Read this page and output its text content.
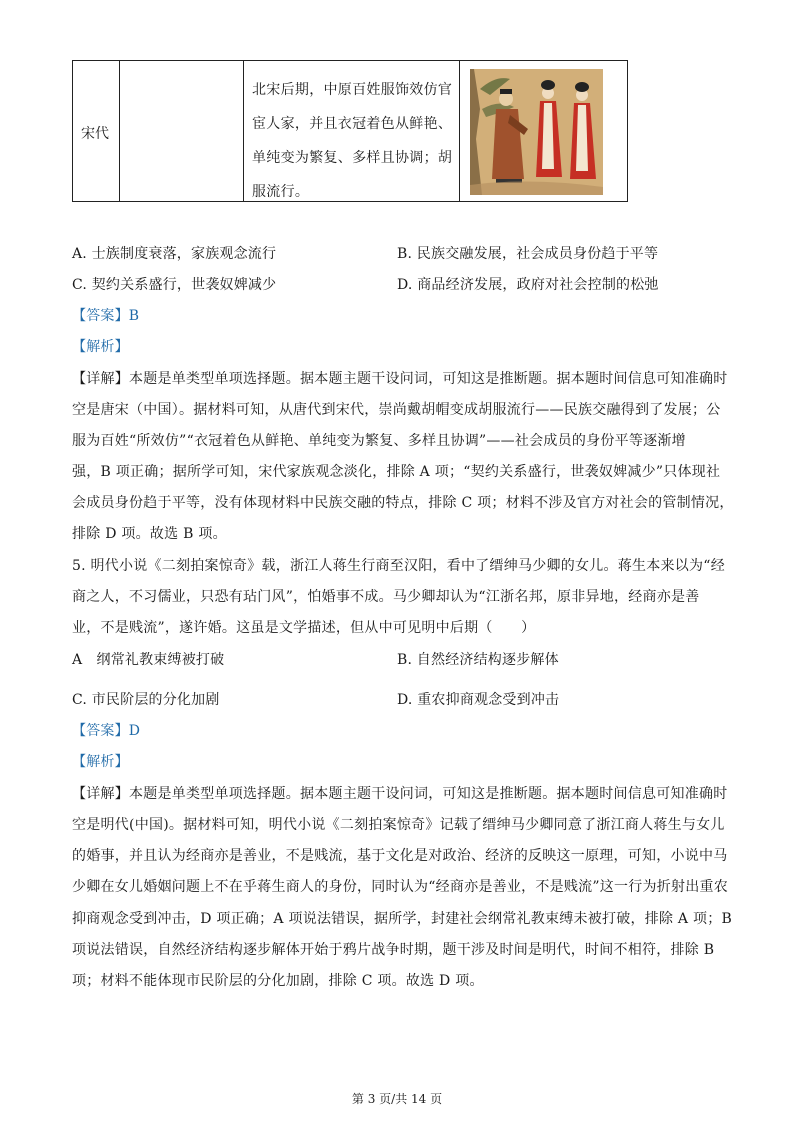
宋代
北宋后期，中原百姓服饰效仿官
宦人家，并且衣冠着色从鲜艳、
单纯变为繁复、多样且协调；胡
服流行。
A. 士族制度衰落，家族观念流行	B. 民族交融发展，社会成员身份趋于平等
C. 契约关系盛行，世袭奴婢减少	D. 商品经济发展，政府对社会控制的松弛
【答案】B
【解析】
【详解】本题是单类型单项选择题。据本题主题干设问词，可知这是推断题。据本题时间信息可知准确时
空是唐宋（中国）。据材料可知，从唐代到宋代，崇尚戴胡帽变成胡服流行——民族交融得到了发展；公
服为百姓“所效仿”“衣冠着色从鲜艳、单纯变为繁复、多样且协调”——社会成员的身份平等逐渐增
强，B 项正确；据所学可知，宋代家族观念淡化，排除 A 项；“契约关系盛行，世袭奴婢减少”只体现社
会成员身份趋于平等，没有体现材料中民族交融的特点，排除 C 项；材料不涉及官方对社会的管制情况，
排除 D 项。故选 B 项。
5. 明代小说《二刻拍案惊奇》载，浙江人蒋生行商至汉阳，看中了缙绅马少卿的女儿。蒋生本来以为“经
商之人，不习儒业，只恐有玷门风”，怕婚事不成。马少卿却认为“江浙名邦，原非异地，经商亦是善
业，不是贱流”，遂许婚。这虽是文学描述，但从中可见明中后期（　　）
A　纲常礼教束缚被打破	B. 自然经济结构逐步解体
C. 市民阶层的分化加剧	D. 重农抑商观念受到冲击
【答案】D
【解析】
【详解】本题是单类型单项选择题。据本题主题干设问词，可知这是推断题。据本题时间信息可知准确时
空是明代(中国)。据材料可知，明代小说《二刻拍案惊奇》记载了缙绅马少卿同意了浙江商人蒋生与女儿
的婚事，并且认为经商亦是善业，不是贱流，基于文化是对政治、经济的反映这一原理，可知，小说中马
少卿在女儿婚姻问题上不在乎蒋生商人的身份，同时认为“经商亦是善业，不是贱流”这一行为折射出重农
抑商观念受到冲击，D 项正确；A 项说法错误，据所学，封建社会纲常礼教束缚未被打破，排除 A 项；B
项说法错误，自然经济结构逐步解体开始于鸦片战争时期，题干涉及时间是明代，时间不相符，排除 B
项；材料不能体现市民阶层的分化加剧，排除 C 项。故选 D 项。
第 3 页/共 14 页
